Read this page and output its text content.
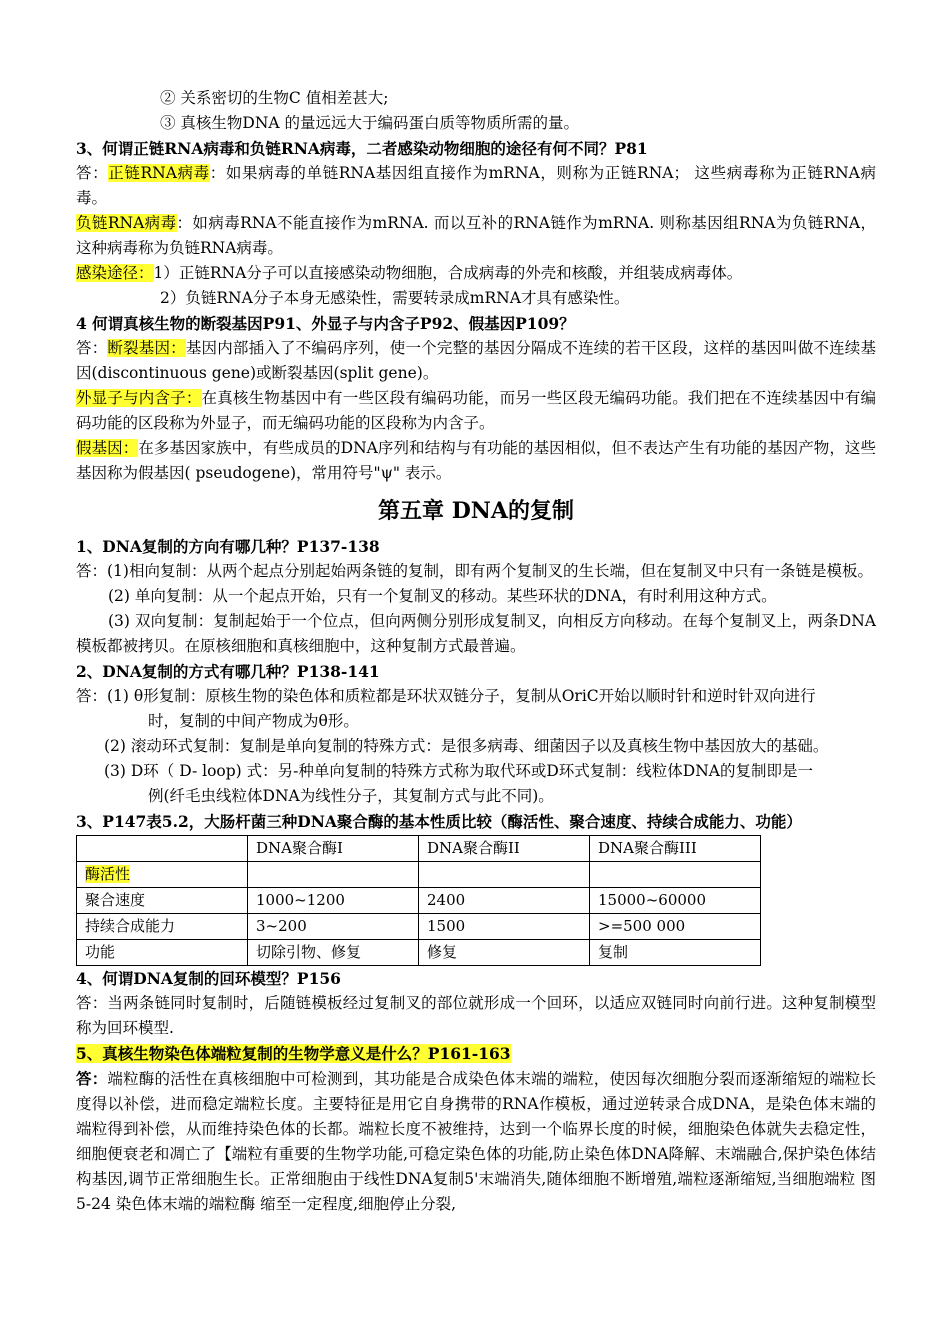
② 关系密切的生物C 值相差甚大;
③ 真核生物DNA 的量远远大于编码蛋白质等物质所需的量。
3、何谓正链RNA病毒和负链RNA病毒，二者感染动物细胞的途径有何不同？P81
答：正链RNA病毒：如果病毒的单链RNA基因组直接作为mRNA，则称为正链RNA； 这些病毒称为正链RNA病毒。
负链RNA病毒：如病毒RNA不能直接作为mRNA. 而以互补的RNA链作为mRNA. 则称基因组RNA为负链RNA，这种病毒称为负链RNA病毒。
感染途径：1）正链RNA分子可以直接感染动物细胞，合成病毒的外壳和核酸，并组装成病毒体。
2）负链RNA分子本身无感染性，需要转录成mRNA才具有感染性。
4 何谓真核生物的断裂基因P91、外显子与内含子P92、假基因P109？
答：断裂基因：基因内部插入了不编码序列，使一个完整的基因分隔成不连续的若干区段，这样的基因叫做不连续基因(discontinuous gene)或断裂基因(split gene)。
外显子与内含子：在真核生物基因中有一些区段有编码功能，而另一些区段无编码功能。我们把在不连续基因中有编码功能的区段称为外显子，而无编码功能的区段称为内含子。
假基因：在多基因家族中，有些成员的DNA序列和结构与有功能的基因相似，但不表达产生有功能的基因产物，这些基因称为假基因( pseudogene)，常用符号"ψ" 表示。
第五章 DNA的复制
1、DNA复制的方向有哪几种？P137-138
答：(1)相向复制：从两个起点分别起始两条链的复制，即有两个复制叉的生长端，但在复制叉中只有一条链是模板。
(2) 单向复制：从一个起点开始，只有一个复制叉的移动。某些环状的DNA，有时利用这种方式。
(3) 双向复制：复制起始于一个位点，但向两侧分别形成复制叉，向相反方向移动。在每个复制叉上，两条DNA模板都被拷贝。在原核细胞和真核细胞中，这种复制方式最普遍。
2、DNA复制的方式有哪几种？P138-141
答：(1) θ形复制：原核生物的染色体和质粒都是环状双链分子，复制从OriC开始以顺时针和逆时针双向进行
时，复制的中间产物成为θ形。
(2) 滚动环式复制：复制是单向复制的特殊方式：是很多病毒、细菌因子以及真核生物中基因放大的基础。
(3) D环（ D- loop) 式：另-种单向复制的特殊方式称为取代环或D环式复制：线粒体DNA的复制即是一
例(纤毛虫线粒体DNA为线性分子，其复制方式与此不同)。
3、P147表5.2，大肠杆菌三种DNA聚合酶的基本性质比较（酶活性、聚合速度、持续合成能力、功能）
	DNA聚合酶I	DNA聚合酶II	DNA聚合酶III
酶活性			
聚合速度	1000~1200	2400	15000~60000
持续合成能力	3~200	1500	>=500 000
功能	切除引物、修复	修复	复制
4、何谓DNA复制的回环模型？P156
答：当两条链同时复制时，后随链模板经过复制叉的部位就形成一个回环，以适应双链同时向前行进。这种复制模型称为回环模型.
5、真核生物染色体端粒复制的生物学意义是什么？P161-163
答：端粒酶的活性在真核细胞中可检测到，其功能是合成染色体末端的端粒，使因每次细胞分裂而逐渐缩短的端粒长度得以补偿，进而稳定端粒长度。主要特征是用它自身携带的RNA作模板，通过逆转录合成DNA，是染色体末端的端粒得到补偿，从而维持染色体的长都。端粒长度不被维持，达到一个临界长度的时候，细胞染色体就失去稳定性，细胞便衰老和凋亡了【端粒有重要的生物学功能,可稳定染色体的功能,防止染色体DNA降解、末端融合,保护染色体结构基因,调节正常细胞生长。正常细胞由于线性DNA复制5'末端消失,随体细胞不断增殖,端粒逐渐缩短,当细胞端粒 图5-24 染色体末端的端粒酶 缩至一定程度,细胞停止分裂,
